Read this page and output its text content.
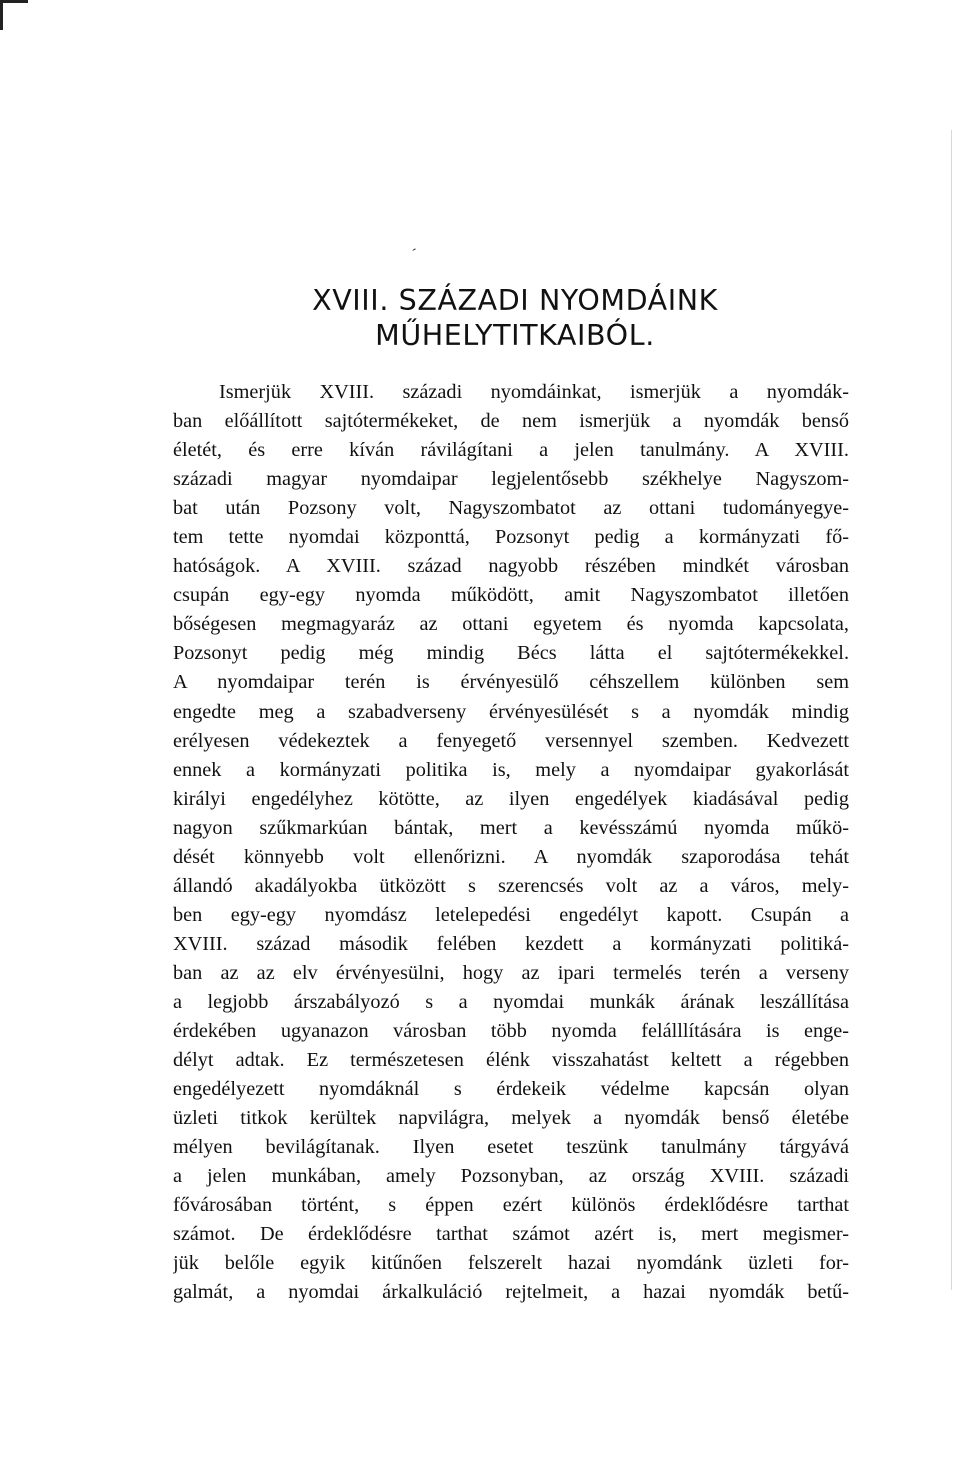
´
XVIII. SZÁZADI NYOMDÁINK
MŰHELYTITKAIBÓL.

Ismerjük XVIII. századi nyomdáinkat, ismerjük a nyomdák-
ban előállított sajtótermékeket, de nem ismerjük a nyomdák benső
életét, és erre kíván rávilágítani a jelen tanulmány. A XVIII.
századi magyar nyomdaipar legjelentősebb székhelye Nagyszom-
bat után Pozsony volt, Nagyszombatot az ottani tudományegye-
tem tette nyomdai központtá, Pozsonyt pedig a kormányzati fő-
hatóságok. A XVIII. század nagyobb részében mindkét városban
csupán egy-egy nyomda működött, amit Nagyszombatot illetően
bőségesen megmagyaráz az ottani egyetem és nyomda kapcsolata,
Pozsonyt pedig még mindig Bécs látta el sajtótermékekkel.
A nyomdaipar terén is érvényesülő céhszellem különben sem
engedte meg a szabadverseny érvényesülését s a nyomdák mindig
erélyesen védekeztek a fenyegető versennyel szemben. Kedvezett
ennek a kormányzati politika is, mely a nyomdaipar gyakorlását
királyi engedélyhez kötötte, az ilyen engedélyek kiadásával pedig
nagyon szűkmarkúan bántak, mert a kevésszámú nyomda műkö-
dését könnyebb volt ellenőrizni. A nyomdák szaporodása tehát
állandó akadályokba ütközött s szerencsés volt az a város, mely-
ben egy-egy nyomdász letelepedési engedélyt kapott. Csupán a
XVIII. század második felében kezdett a kormányzati politiká-
ban az az elv érvényesülni, hogy az ipari termelés terén a verseny
a legjobb árszabályozó s a nyomdai munkák árának leszállítása
érdekében ugyanazon városban több nyomda felálllítására is enge-
délyt adtak. Ez természetesen élénk visszahatást keltett a régebben
engedélyezett nyomdáknál s érdekeik védelme kapcsán olyan
üzleti titkok kerültek napvilágra, melyek a nyomdák benső életébe
mélyen bevilágítanak. Ilyen esetet teszünk tanulmány tárgyává
a jelen munkában, amely Pozsonyban, az ország XVIII. századi
fővárosában történt, s éppen ezért különös érdeklődésre tarthat
számot. De érdeklődésre tarthat számot azért is, mert megismer-
jük belőle egyik kitűnően felszerelt hazai nyomdánk üzleti for-
galmát, a nyomdai árkalkuláció rejtelmeit, a hazai nyomdák betű-
